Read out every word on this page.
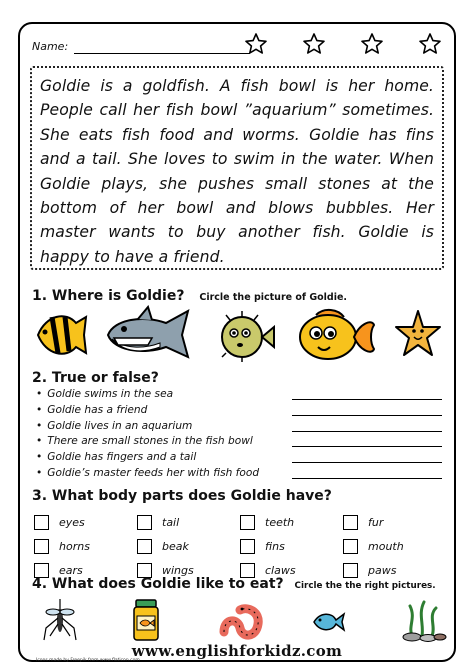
Name:

Goldie is a goldfish. A fish bowl is her home. People call her fish bowl ”aquarium” sometimes. She eats fish food and worms. Goldie has fins and a tail. She loves to swim in the water. When Goldie plays, she pushes small stones at the bottom of her bowl and blows bubbles. Her master wants to buy another fish. Goldie is happy to have a friend.

1. Where is Goldie? Circle the picture of Goldie.
2. True or false?
• Goldie swims in the sea
• Goldie has a friend
• Goldie lives in an aquarium
• There are small stones in the fish bowl
• Goldie has fingers and a tail
• Goldie’s master feeds her with fish food
3. What body parts does Goldie have?
eyes	tail	teeth	fur
horns	beak	fins	mouth
ears	wings	claws	paws
4. What does Goldie like to eat? Circle the the right pictures.
www.englishforkidz.com
Icons made by Freepik from www.flaticon.com
